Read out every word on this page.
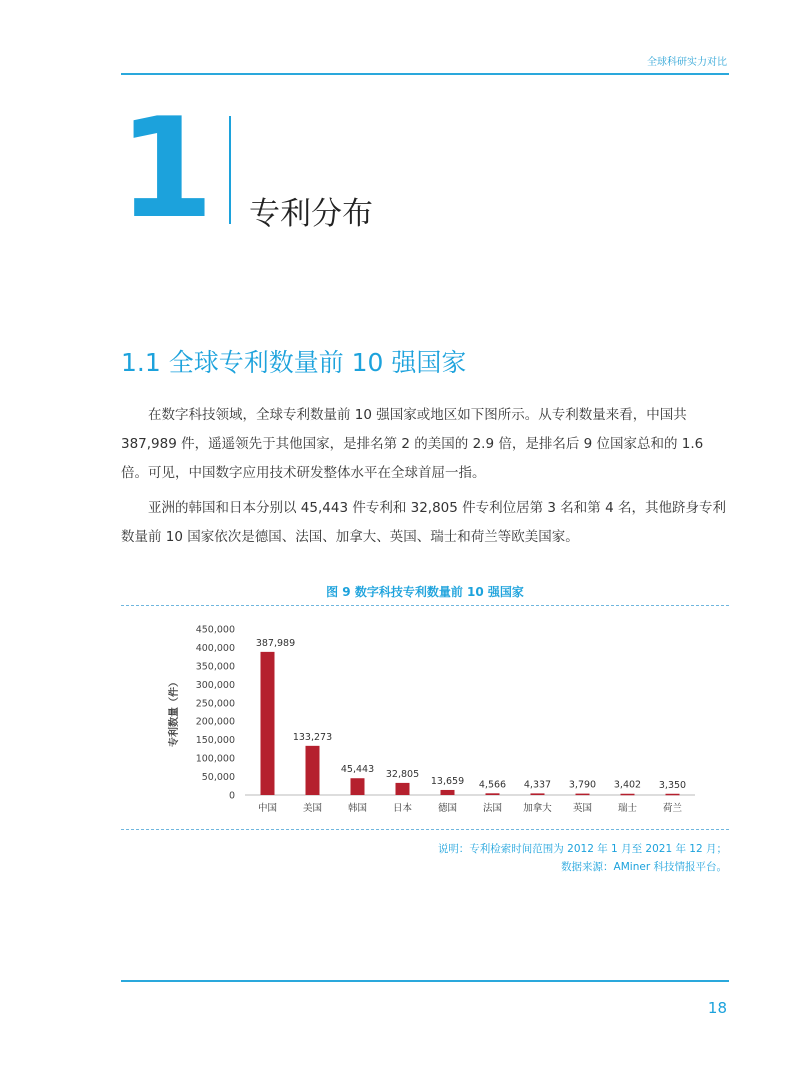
全球科研实力对比
1 专利分布
1.1 全球专利数量前 10 强国家

在数字科技领域，全球专利数量前 10 强国家或地区如下图所示。从专利数量来看，中国共 387,989 件，遥遥领先于其他国家，是排名第 2 的美国的 2.9 倍，是排名后 9 位国家总和的 1.6 倍。可见，中国数字应用技术研发整体水平在全球首屈一指。

亚洲的韩国和日本分别以 45,443 件专利和 32,805 件专利位居第 3 名和第 4 名，其他跻身专利数量前 10 国家依次是德国、法国、加拿大、英国、瑞士和荷兰等欧美国家。

图 9 数字科技专利数量前 10 强国家
0
50,000
100,000
150,000
200,000
250,000
300,000
350,000
400,000
450,000
专利数量（件）
387,989
中国
133,273
美国
45,443
韩国
32,805
日本
13,659
德国
4,566
法国
4,337
加拿大
3,790
英国
3,402
瑞士
3,350
荷兰
说明：专利检索时间范围为 2012 年 1 月至 2021 年 12 月；
数据来源：AMiner 科技情报平台。
18
